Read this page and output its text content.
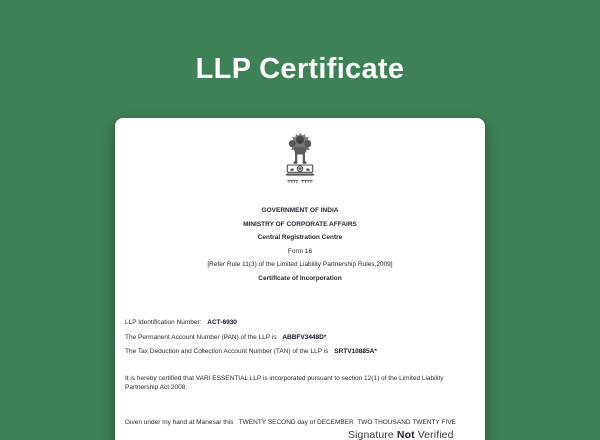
LLP Certificate
GOVERNMENT OF INDIA
MINISTRY OF CORPORATE AFFAIRS
Central Registration Centre
Form 16
[Refer Rule 11(3) of the Limited Liability Partnership Rules,2009]
Certificate of Incorporation
LLP Identification Number: ACT-6930
The Permanent Account Number (PAN) of the LLP is ABBFV3448D*
The Tax Deduction and Collection Account Number (TAN) of the LLP is SRTV10885A*
It is hereby certified that VARI ESSENTIAL LLP is incorporated pursuant to section 12(1) of the Limited Liability Partnership Act 2008.
Given under my hand at Manesar this   TWENTY SECOND day of DECEMBER  TWO THOUSAND TWENTY FIVE
Signature Not Verified
